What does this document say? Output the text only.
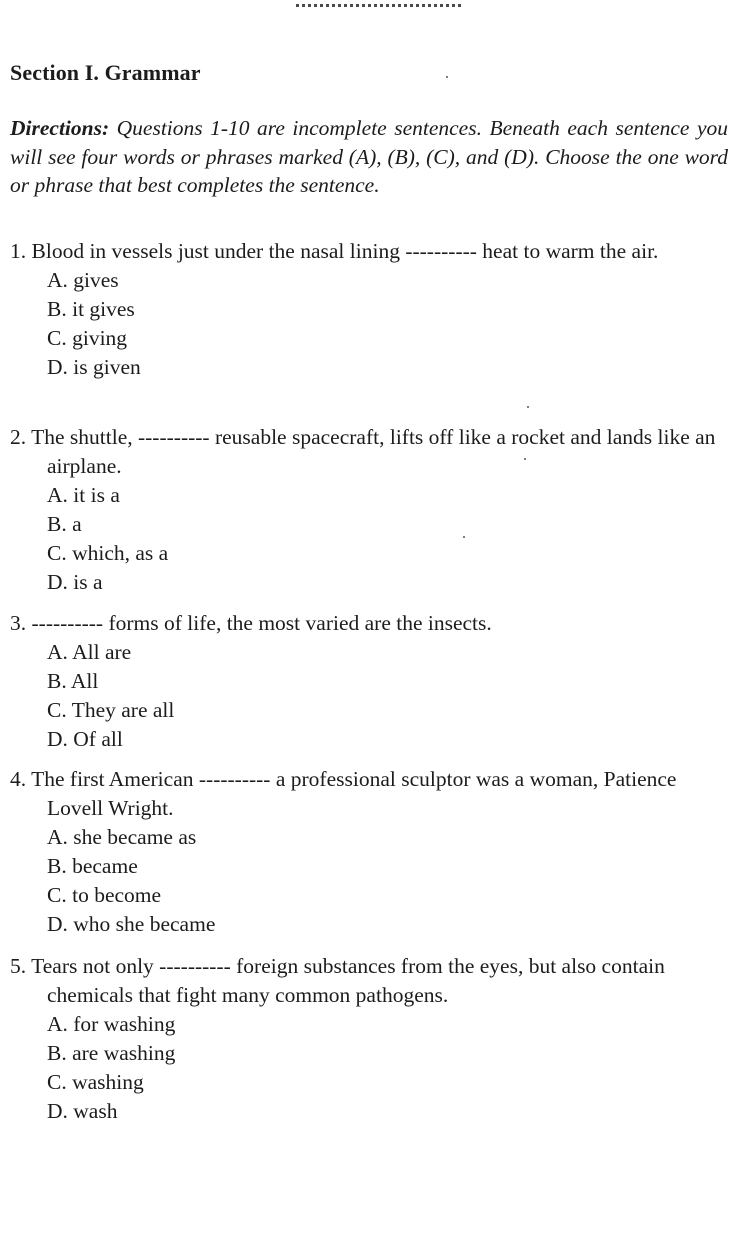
Section I. Grammar
Directions: Questions 1-10 are incomplete sentences. Beneath each sentence you will see four words or phrases marked (A), (B), (C), and (D). Choose the one word or phrase that best completes the sentence.
1. Blood in vessels just under the nasal lining ---------- heat to warm the air.
A. gives
B. it gives
C. giving
D. is given
2. The shuttle, ---------- reusable spacecraft, lifts off like a rocket and lands like an airplane.
A. it is a
B. a
C. which, as a
D. is a
3. ---------- forms of life, the most varied are the insects.
A. All are
B. All
C. They are all
D. Of all
4. The first American ---------- a professional sculptor was a woman, Patience Lovell Wright.
A. she became as
B. became
C. to become
D. who she became
5. Tears not only ---------- foreign substances from the eyes, but also contain chemicals that fight many common pathogens.
A. for washing
B. are washing
C. washing
D. wash
